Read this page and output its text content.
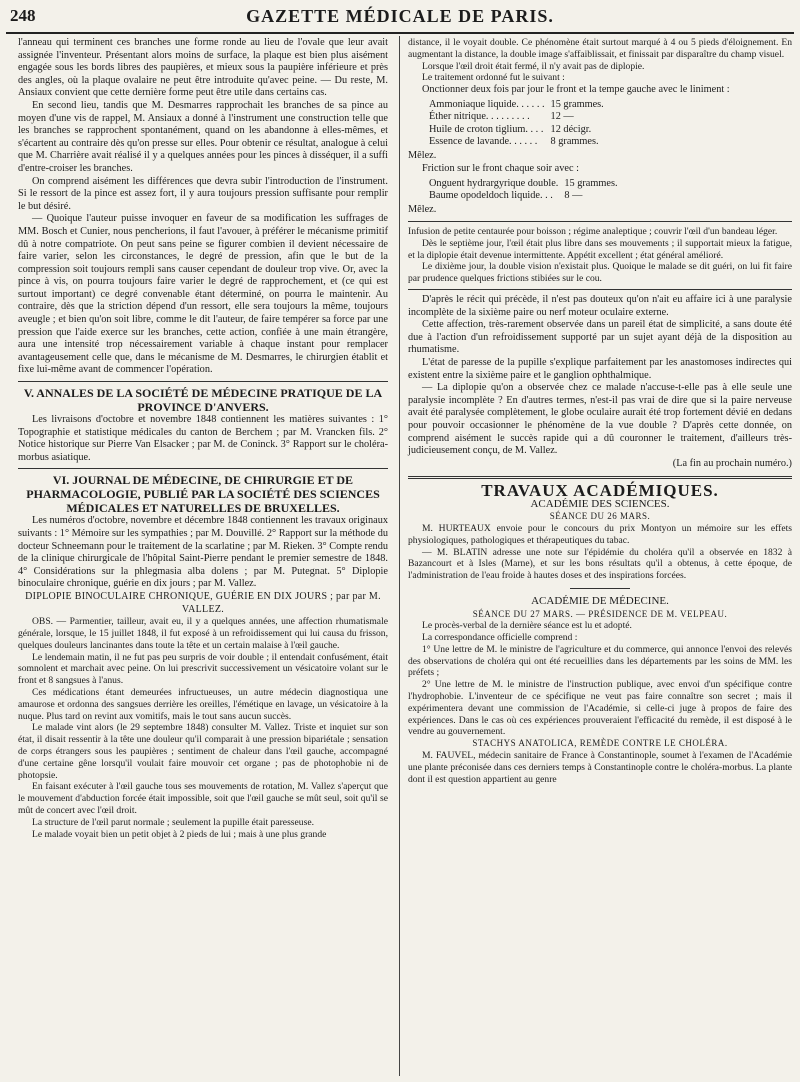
248	GAZETTE MÉDICALE DE PARIS.

l'anneau qui terminent ces branches une forme ronde au lieu de l'ovale que leur avait assignée l'inventeur. Présentant alors moins de surface, la plaque est bien plus aisément engagée sous les bords libres des paupières, et mieux sous la paupière inférieure et près des angles, où la plaque ovalaire ne peut être introduite qu'avec peine. — Du reste, M. Ansiaux convient que cette dernière forme peut être utile dans certains cas.

En second lieu, tandis que M. Desmarres rapprochait les branches de sa pince au moyen d'une vis de rappel, M. Ansiaux a donné à l'instrument une construction telle que les branches se rapprochent spontanément, quand on les abandonne à elles-mêmes, et s'écartent au contraire dès qu'on presse sur elles. Pour obtenir ce résultat, analogue à celui que M. Charrière avait réalisé il y a quelques années pour les pinces à disséquer, il a suffi d'entre-croiser les branches.

On comprend aisément les différences que devra subir l'introduction de l'instrument. Si le ressort de la pince est assez fort, il y aura toujours pression suffisante pour remplir le but désiré.

— Quoique l'auteur puisse invoquer en faveur de sa modification les suffrages de MM. Bosch et Cunier, nous pencherions, il faut l'avouer, à préférer le mécanisme primitif dû à notre compatriote. On peut sans peine se figurer combien il devient nécessaire de faire varier, selon les circonstances, le degré de pression, afin que le but de la compression soit toujours rempli sans causer cependant de douleur trop vive. Or, avec la pince à vis, on pourra toujours faire varier le degré de rapprochement, et (ce qui est surtout important) ce degré convenable étant déterminé, on pourra le maintenir. Au contraire, dès que la striction dépend d'un ressort, elle sera toujours la même, toujours aveugle ; et bien qu'on soit libre, comme le dit l'auteur, de faire tempérer sa force par une pression que l'aide exerce sur les branches, cette action, confiée à une main étrangère, aura une intensité trop nécessairement variable à chaque instant pour remplacer avantageusement celle que, dans le mécanisme de M. Desmarres, le chirurgien établit et fixe lui-même avant de commencer l'opération.

V. ANNALES DE LA SOCIÉTÉ DE MÉDECINE PRATIQUE DE LA PROVINCE D'ANVERS.

Les livraisons d'octobre et novembre 1848 contiennent les matières suivantes : 1° Topographie et statistique médicales du canton de Berchem ; par M. Vrancken fils. 2° Notice historique sur Pierre Van Elsacker ; par M. de Coninck. 3° Rapport sur le choléra-morbus asiatique.

VI. JOURNAL DE MÉDECINE, DE CHIRURGIE ET DE PHARMACOLOGIE, PUBLIÉ PAR LA SOCIÉTÉ DES SCIENCES MÉDICALES ET NATURELLES DE BRUXELLES.

Les numéros d'octobre, novembre et décembre 1848 contiennent les travaux originaux suivants : 1° Mémoire sur les sympathies ; par M. Douvillé. 2° Rapport sur la méthode du docteur Schneemann pour le traitement de la scarlatine ; par M. Rieken. 3° Compte rendu de la clinique chirurgicale de l'hôpital Saint-Pierre pendant le premier semestre de 1848. 4° Considérations sur la phlegmasia alba dolens ; par M. Putegnat. 5° Diplopie binoculaire chronique, guérie en dix jours ; par M. Vallez.

DIPLOPIE BINOCULAIRE CHRONIQUE, GUÉRIE EN DIX JOURS ; par par M. VALLEZ.

OBS. — Parmentier, tailleur, avait eu, il y a quelques années, une affection rhumatismale générale, lorsque, le 15 juillet 1848, il fut exposé à un refroidissement qui lui causa du frisson, quelques douleurs lancinantes dans toute la tête et un certain malaise à l'œil gauche.

Le lendemain matin, il ne fut pas peu surpris de voir double ; il entendait confusément, était somnolent et marchait avec peine. On lui prescrivit successivement un vésicatoire volant sur le front et 8 sangsues à l'anus.

Ces médications étant demeurées infructueuses, un autre médecin diagnostiqua une amaurose et ordonna des sangsues derrière les oreilles, l'émétique en lavage, un vésicatoire à la nuque. Plus tard on revint aux vomitifs, mais le tout sans aucun succès.

Le malade vint alors (le 29 septembre 1848) consulter M. Vallez. Triste et inquiet sur son état, il disait ressentir à la tête une douleur qu'il comparait à une pression bipariétale ; sensation de corps étrangers sous les paupières ; sentiment de chaleur dans l'œil gauche, accompagné d'une certaine gêne lorsqu'il voulait faire mouvoir cet organe ; pas de photophobie ni de photopsie.

En faisant exécuter à l'œil gauche tous ses mouvements de rotation, M. Vallez s'aperçut que le mouvement d'abduction forcée était impossible, soit que l'œil gauche se mût seul, soit qu'il se mût de concert avec l'œil droit.

La structure de l'œil parut normale ; seulement la pupille était paresseuse.

Le malade voyait bien un petit objet à 2 pieds de lui ; mais à une plus grande

distance, il le voyait double. Ce phénomène était surtout marqué à 4 ou 5 pieds d'éloignement. En augmentant la distance, la double image s'affaiblissait, et finissait par disparaître du champ visuel.

Lorsque l'œil droit était fermé, il n'y avait pas de diplopie.

Le traitement ordonné fut le suivant :

Onctionner deux fois par jour le front et la tempe gauche avec le liniment :

Ammoniaque liquide. . . . . .	15 grammes.
Éther nitrique. . . . . . . . .	12 —
Huile de croton tiglium. . . .	12 décigr.
Essence de lavande. . . . . .	8 grammes.

Mêlez.

Friction sur le front chaque soir avec :

Onguent hydrargyrique double.	15 grammes.
Baume opodeldoch liquide. . .	8 —

Mêlez.

Infusion de petite centaurée pour boisson ; régime analeptique ; couvrir l'œil d'un bandeau léger.

Dès le septième jour, l'œil était plus libre dans ses mouvements ; il supportait mieux la fatigue, et la diplopie était devenue intermittente. Appétit excellent ; état général amélioré.

Le dixième jour, la double vision n'existait plus. Quoique le malade se dit guéri, on lui fit faire par prudence quelques frictions stibiées sur le cou.

D'après le récit qui précède, il n'est pas douteux qu'on n'ait eu affaire ici à une paralysie incomplète de la sixième paire ou nerf moteur oculaire externe.

Cette affection, très-rarement observée dans un pareil état de simplicité, a sans doute été due à l'action d'un refroidissement supporté par un sujet ayant déjà de la disposition au rhumatisme.

L'état de paresse de la pupille s'explique parfaitement par les anastomoses indirectes qui existent entre la sixième paire et le ganglion ophthalmique.

— La diplopie qu'on a observée chez ce malade n'accuse-t-elle pas à elle seule une paralysie incomplète ? En d'autres termes, n'est-il pas vrai de dire que si la paire nerveuse avait été paralysée complètement, le globe oculaire aurait été trop fortement dévié en dedans pour pouvoir occasionner le phénomène de la vue double ? D'après cette donnée, on comprend aisément le succès rapide qui a dû couronner le traitement, d'ailleurs très-judicieusement conçu, de M. Vallez.

(La fin au prochain numéro.)

TRAVAUX ACADÉMIQUES.

ACADÉMIE DES SCIENCES.

SÉANCE DU 26 MARS.

M. HURTEAUX envoie pour le concours du prix Montyon un mémoire sur les effets physiologiques, pathologiques et thérapeutiques du tabac.

— M. BLATIN adresse une note sur l'épidémie du choléra qu'il a observée en 1832 à Bazancourt et à Isles (Marne), et sur les bons résultats qu'il a obtenus, à cette époque, de l'administration de l'eau froide à hautes doses et des inspirations forcées.

ACADÉMIE DE MÉDECINE.

SÉANCE DU 27 MARS. — PRÉSIDENCE DE M. VELPEAU.

Le procès-verbal de la dernière séance est lu et adopté.

La correspondance officielle comprend :

1° Une lettre de M. le ministre de l'agriculture et du commerce, qui annonce l'envoi des relevés des observations de choléra qui ont été recueillies dans les départements par les soins de MM. les préfets ;

2° Une lettre de M. le ministre de l'instruction publique, avec envoi d'un spécifique contre l'hydrophobie. L'inventeur de ce spécifique ne veut pas faire connaître son secret ; mais il expérimentera devant une commission de l'Académie, si celle-ci juge à propos de faire des expériences. Dans le cas où ces expériences prouveraient l'efficacité du remède, il est disposé à le vendre au gouvernement.

STACHYS ANATOLICA, REMÈDE CONTRE LE CHOLÉRA.

M. FAUVEL, médecin sanitaire de France à Constantinople, soumet à l'examen de l'Académie une plante préconisée dans ces derniers temps à Constantinople contre le choléra-morbus. La plante dont il est question appartient au genre
